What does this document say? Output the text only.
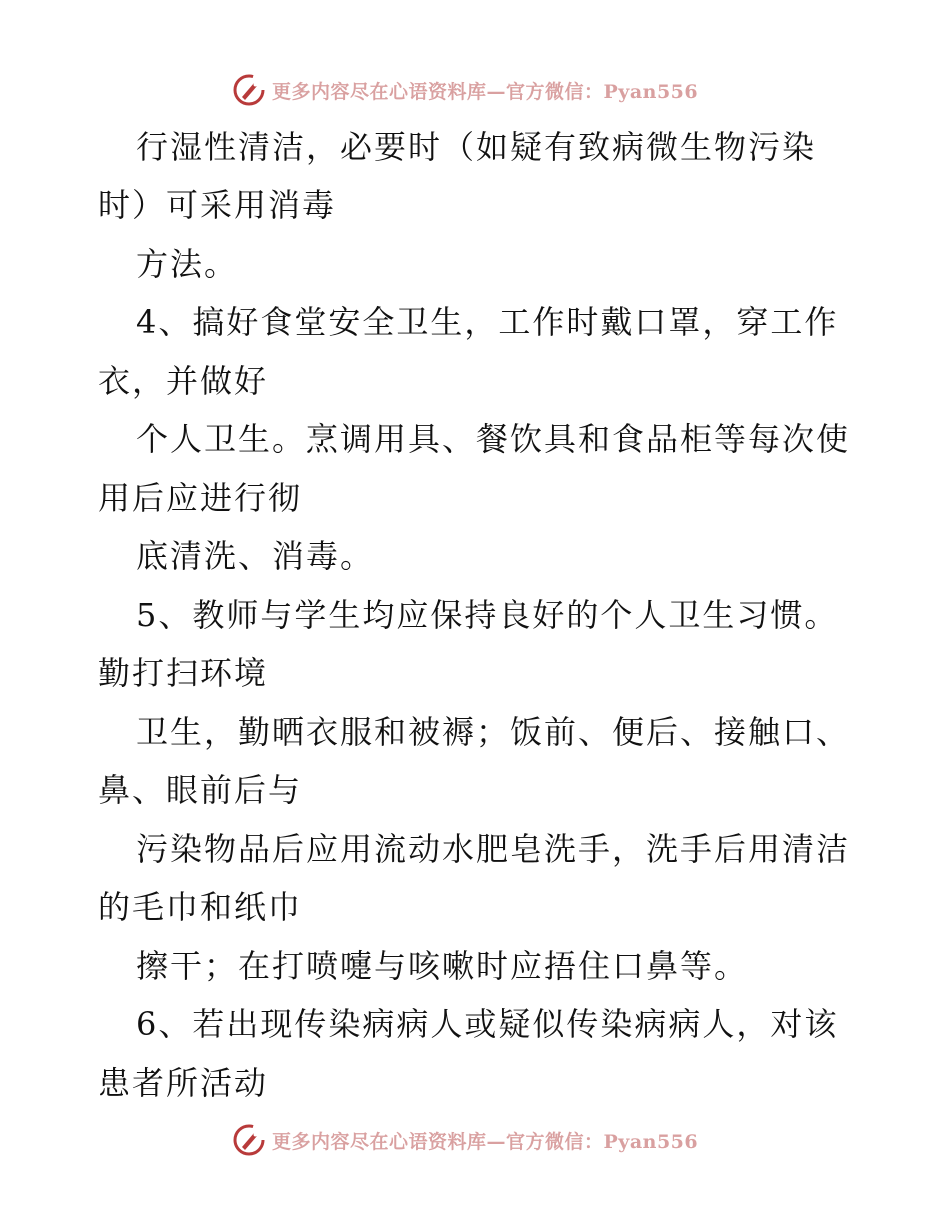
更多内容尽在心语资料库—官方微信：Pyan556
行湿性清洁，必要时（如疑有致病微生物污染
时）可采用消毒
方法。
4、搞好食堂安全卫生，工作时戴口罩，穿工作
衣，并做好
个人卫生。烹调用具、餐饮具和食品柜等每次使
用后应进行彻
底清洗、消毒。
5、教师与学生均应保持良好的个人卫生习惯。
勤打扫环境
卫生，勤晒衣服和被褥；饭前、便后、接触口、
鼻、眼前后与
污染物品后应用流动水肥皂洗手，洗手后用清洁
的毛巾和纸巾
擦干；在打喷嚏与咳嗽时应捂住口鼻等。
6、若出现传染病病人或疑似传染病病人，对该
患者所活动
更多内容尽在心语资料库—官方微信：Pyan556
